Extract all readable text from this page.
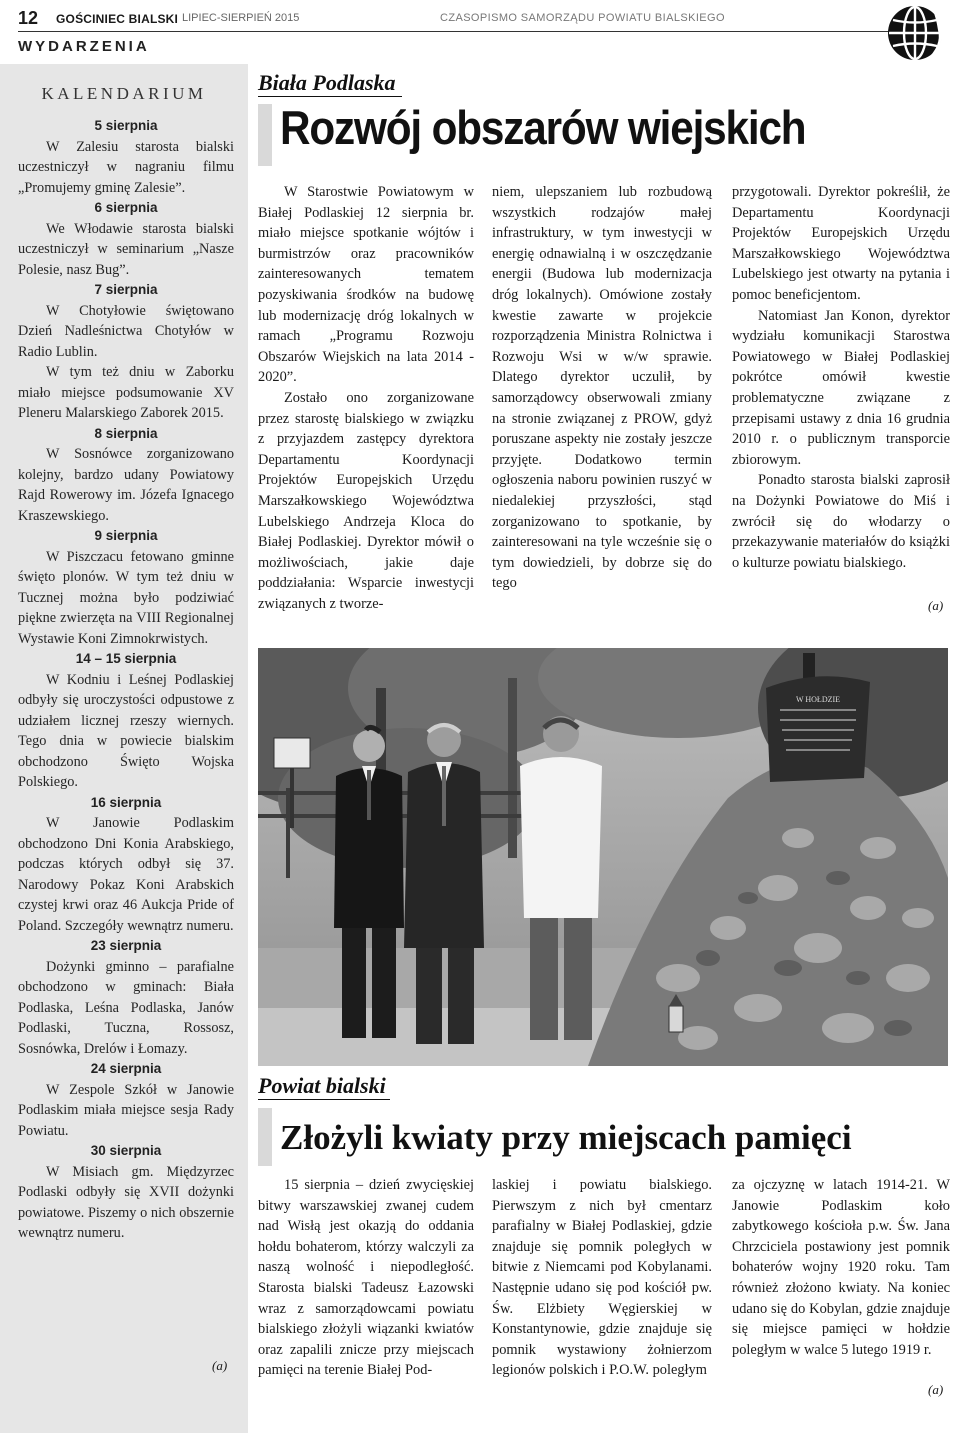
12 GOŚCINIEC BIALSKI LIPIEC-SIERPIEŃ 2015	CZASOPISMO SAMORZĄDU POWIATU BIALSKIEGO
WYDARZENIA
KALENDARIUM
5 sierpnia
W Zalesiu starosta bialski uczestniczył w nagraniu filmu „Promujemy gminę Zalesie”.
6 sierpnia
We Włodawie starosta bialski uczestniczył w seminarium „Nasze Polesie, nasz Bug”.
7 sierpnia
W Chotyłowie świętowano Dzień Nadleśnictwa Chotyłów w Radio Lublin.
W tym też dniu w Zaborku miało miejsce podsumowanie XV Pleneru Malarskiego Zaborek 2015.
8 sierpnia
W Sosnówce zorganizowano kolejny, bardzo udany Powiatowy Rajd Rowerowy im. Józefa Ignacego Kraszewskiego.
9 sierpnia
W Piszczacu fetowano gminne święto plonów. W tym też dniu w Tucznej można było podziwiać piękne zwierzęta na VIII Regionalnej Wystawie Koni Zimnokrwistych.
14 – 15 sierpnia
W Kodniu i Leśnej Podlaskiej odbyły się uroczystości odpustowe z udziałem licznej rzeszy wiernych. Tego dnia w powiecie bialskim obchodzono Święto Wojska Polskiego.
16 sierpnia
W Janowie Podlaskim obchodzono Dni Konia Arabskiego, podczas których odbył się 37. Narodowy Pokaz Koni Arabskich czystej krwi oraz 46 Aukcja Pride of Poland. Szczegóły wewnątrz numeru.
23 sierpnia
Dożynki gminno – parafialne obchodzono w gminach: Biała Podlaska, Leśna Podlaska, Janów Podlaski, Tuczna, Rossosz, Sosnówka, Drelów i Łomazy.
24 sierpnia
W Zespole Szkół w Janowie Podlaskim miała miejsce sesja Rady Powiatu.
30 sierpnia
W Misiach gm. Międzyrzec Podlaski odbyły się XVII dożynki powiatowe. Piszemy o nich obszernie wewnątrz numeru.
(a)
Biała Podlaska
Rozwój obszarów wiejskich
W Starostwie Powiatowym w Białej Podlaskiej 12 sierpnia br. miało miejsce spotkanie wójtów i burmistrzów oraz pracowników zainteresowanych tematem pozyskiwania środków na budowę lub modernizację dróg lokalnych w ramach „Programu Rozwoju Obszarów Wiejskich na lata 2014 - 2020”.
Zostało ono zorganizowane przez starostę bialskiego w związku z przyjazdem zastępcy dyrektora Departamentu Koordynacji Projektów Europejskich Urzędu Marszałkowskiego Województwa Lubelskiego Andrzeja Kloca do Białej Podlaskiej. Dyrektor mówił o możliwościach, jakie daje poddziałania: Wsparcie inwestycji związanych z tworze-
niem, ulepszaniem lub rozbudową wszystkich rodzajów małej infrastruktury, w tym inwestycji w energię odnawialną i w oszczędzanie energii (Budowa lub modernizacja dróg lokalnych). Omówione zostały kwestie zawarte w projekcie rozporządzenia Ministra Rolnictwa i Rozwoju Wsi w w/w sprawie. Dlatego dyrektor uczulił, by samorządowcy obserwowali zmiany na stronie związanej z PROW, gdyż poruszane aspekty nie zostały jeszcze przyjęte. Dodatkowo termin ogłoszenia naboru powinien ruszyć w niedalekiej przyszłości, stąd zorganizowano to spotkanie, by zainteresowani na tyle wcześnie się o tym dowiedzieli, by dobrze się do tego
przygotowali. Dyrektor pokreślił, że Departamentu Koordynacji Projektów Europejskich Urzędu Marszałkowskiego Województwa Lubelskiego jest otwarty na pytania i pomoc beneficjentom.
Natomiast Jan Konon, dyrektor wydziału komunikacji Starostwa Powiatowego w Białej Podlaskiej pokrótce omówił kwestie problematyczne związane z przepisami ustawy z dnia 16 grudnia 2010 r. o publicznym transporcie zbiorowym.
Ponadto starosta bialski zaprosił na Dożynki Powiatowe do Miś i zwrócił się do włodarzy o przekazywanie materiałów do książki o kulturze powiatu bialskiego.
(a)
W HOŁDZIE
Powiat bialski
Złożyli kwiaty przy miejscach pamięci
15 sierpnia – dzień zwycięskiej bitwy warszawskiej zwanej cudem nad Wisłą jest okazją do oddania hołdu bohaterom, którzy walczyli za naszą wolność i niepodległość. Starosta bialski Tadeusz Łazowski wraz z samorządowcami powiatu bialskiego złożyli wiązanki kwiatów oraz zapalili znicze przy miejscach pamięci na terenie Białej Pod-
laskiej i powiatu bialskiego. Pierwszym z nich był cmentarz parafialny w Białej Podlaskiej, gdzie znajduje się pomnik poległych w bitwie z Niemcami pod Kobylanami. Następnie udano się pod kościół pw. Św. Elżbiety Węgierskiej w Konstantynowie, gdzie znajduje się pomnik wystawiony żołnierzom legionów polskich i P.O.W. poległym
za ojczyznę w latach 1914-21. W Janowie Podlaskim koło zabytkowego kościoła p.w. Św. Jana Chrzciciela postawiony jest pomnik bohaterów wojny 1920 roku. Tam również złożono kwiaty. Na koniec udano się do Kobylan, gdzie znajduje się miejsce pamięci w hołdzie poległym w walce 5 lutego 1919 r.
(a)
